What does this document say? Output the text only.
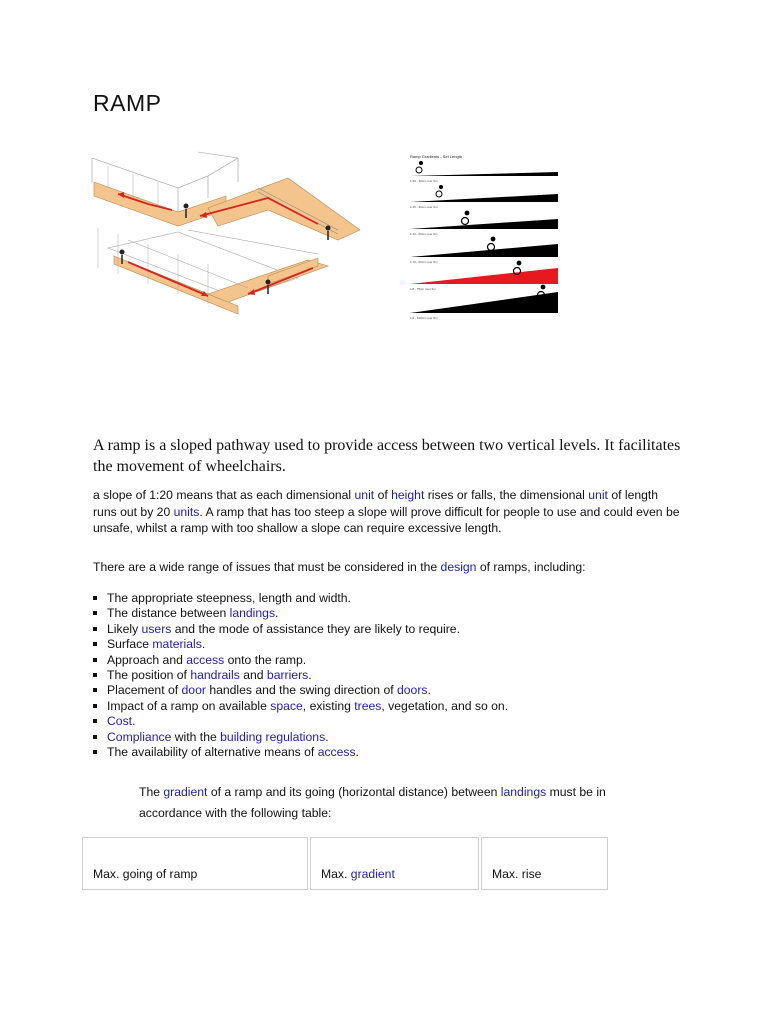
RAMP
Ramp Gradients - Set Length
1:20 - 30cm over 6m
1:15 - 40cm over 6m
1:12 - 50cm over 6m
1:10 - 60cm over 6m
1:8 - 75cm over 6m
1:6 - 100cm over 6m
A ramp is a sloped pathway used to provide access between two vertical levels. It facilitates the movement of wheelchairs.
a slope of 1:20 means that as each dimensional unit of height rises or falls, the dimensional unit of length runs out by 20 units. A ramp that has too steep a slope will prove difficult for people to use and could even be unsafe, whilst a ramp with too shallow a slope can require excessive length.
There are a wide range of issues that must be considered in the design of ramps, including:
The appropriate steepness, length and width.
The distance between landings.
Likely users and the mode of assistance they are likely to require.
Surface materials.
Approach and access onto the ramp.
The position of handrails and barriers.
Placement of door handles and the swing direction of doors.
Impact of a ramp on available space, existing trees, vegetation, and so on.
Cost.
Compliance with the building regulations.
The availability of alternative means of access.
The gradient of a ramp and its going (horizontal distance) between landings must be in accordance with the following table:
Max. going of ramp	Max. gradient	Max. rise
